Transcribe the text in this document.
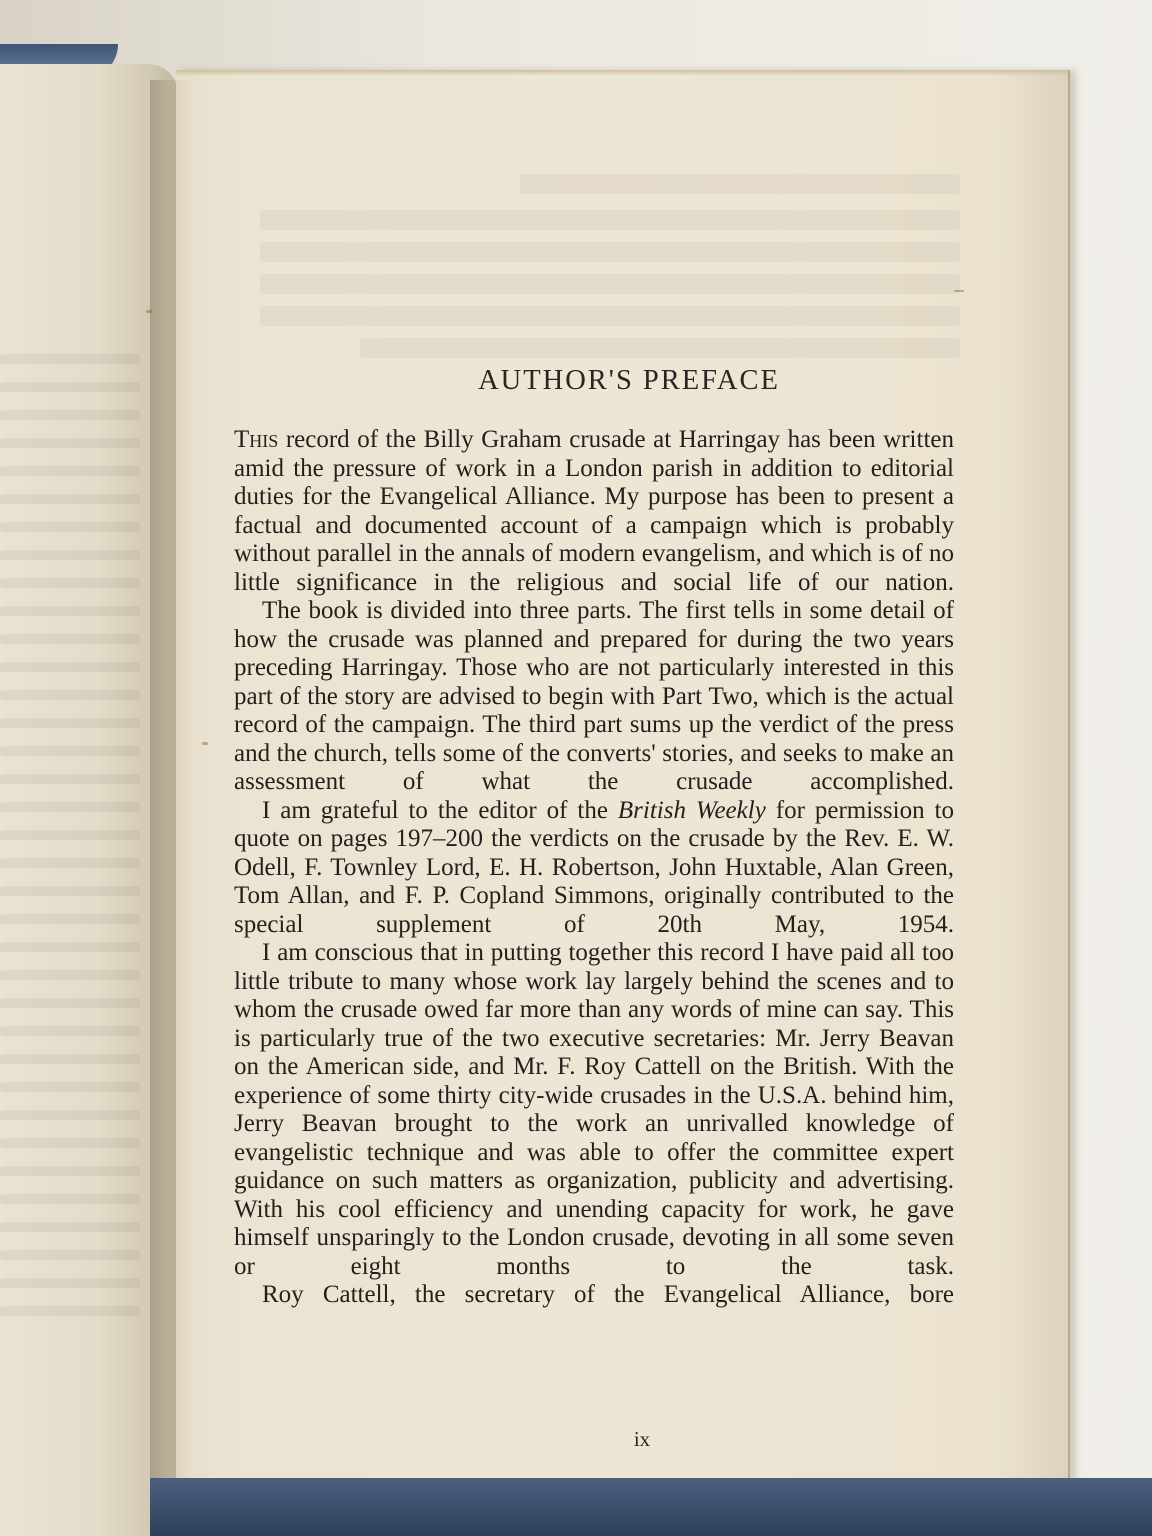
AUTHOR'S PREFACE

This record of the Billy Graham crusade at Harringay has been written amid the pressure of work in a London parish in addition to editorial duties for the Evangelical Alliance. My purpose has been to present a factual and documented account of a campaign which is probably without parallel in the annals of modern evangelism, and which is of no little significance in the religious and social life of our nation.

The book is divided into three parts. The first tells in some detail of how the crusade was planned and prepared for during the two years preceding Harringay. Those who are not particularly interested in this part of the story are advised to begin with Part Two, which is the actual record of the campaign. The third part sums up the verdict of the press and the church, tells some of the converts' stories, and seeks to make an assessment of what the crusade accomplished.

I am grateful to the editor of the British Weekly for permission to quote on pages 197–200 the verdicts on the crusade by the Rev. E. W. Odell, F. Townley Lord, E. H. Robertson, John Huxtable, Alan Green, Tom Allan, and F. P. Copland Simmons, originally contributed to the special supplement of 20th May, 1954.

I am conscious that in putting together this record I have paid all too little tribute to many whose work lay largely behind the scenes and to whom the crusade owed far more than any words of mine can say. This is particularly true of the two executive secretaries: Mr. Jerry Beavan on the American side, and Mr. F. Roy Cattell on the British. With the experience of some thirty city-wide crusades in the U.S.A. behind him, Jerry Beavan brought to the work an unrivalled knowledge of evangelistic technique and was able to offer the committee expert guidance on such matters as organization, publicity and advertising. With his cool efficiency and unending capacity for work, he gave himself unsparingly to the London crusade, devoting in all some seven or eight months to the task.

Roy Cattell, the secretary of the Evangelical Alliance, bore

ix
